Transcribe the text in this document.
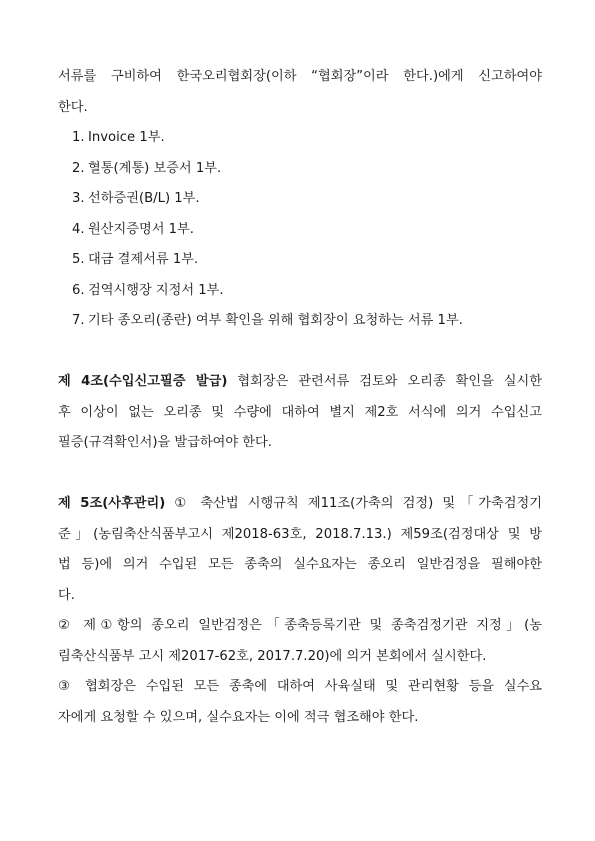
서류를 구비하여 한국오리협회장(이하 “협회장”이라 한다.)에게 신고하여야
한다.
1. Invoice 1부.
2. 혈통(계통) 보증서 1부.
3. 선하증권(B/L) 1부.
4. 원산지증명서 1부.
5. 대금 결제서류 1부.
6. 검역시행장 지정서 1부.
7. 기타 종오리(종란) 여부 확인을 위해 협회장이 요청하는 서류 1부.
제 4조(수입신고필증 발급) 협회장은 관련서류 검토와 오리종 확인을 실시한
후 이상이 없는 오리종 및 수량에 대하여 별지 제2호 서식에 의거 수입신고
필증(규격확인서)을 발급하여야 한다.
제 5조(사후관리) ① 축산법 시행규칙 제11조(가축의 검정) 및「가축검정기
준」(농림축산식품부고시 제2018-63호, 2018.7.13.) 제59조(검정대상 및 방
법 등)에 의거 수입된 모든 종축의 실수요자는 종오리 일반검정을 필해야한
다.
② 제①항의 종오리 일반검정은「종축등록기관 및 종축검정기관 지정」(농
림축산식품부 고시 제2017-62호, 2017.7.20)에 의거 본회에서 실시한다.
③ 협회장은 수입된 모든 종축에 대하여 사육실태 및 관리현황 등을 실수요
자에게 요청할 수 있으며, 실수요자는 이에 적극 협조해야 한다.
